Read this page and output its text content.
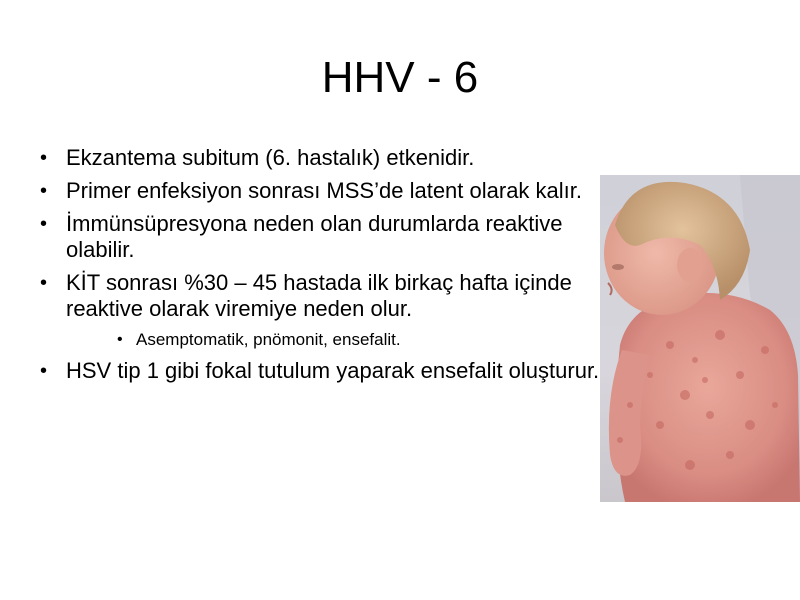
HHV - 6
• Ekzantema subitum (6. hastalık) etkenidir.
• Primer enfeksiyon sonrası MSS’de latent olarak kalır.
• İmmünsüpresyona neden olan durumlarda reaktive olabilir.
• KİT sonrası %30 – 45 hastada ilk birkaç hafta içinde reaktive olarak viremiye neden olur.
• Asemptomatik, pnömonit, ensefalit.
• HSV tip 1 gibi fokal tutulum yaparak ensefalit oluşturur.
